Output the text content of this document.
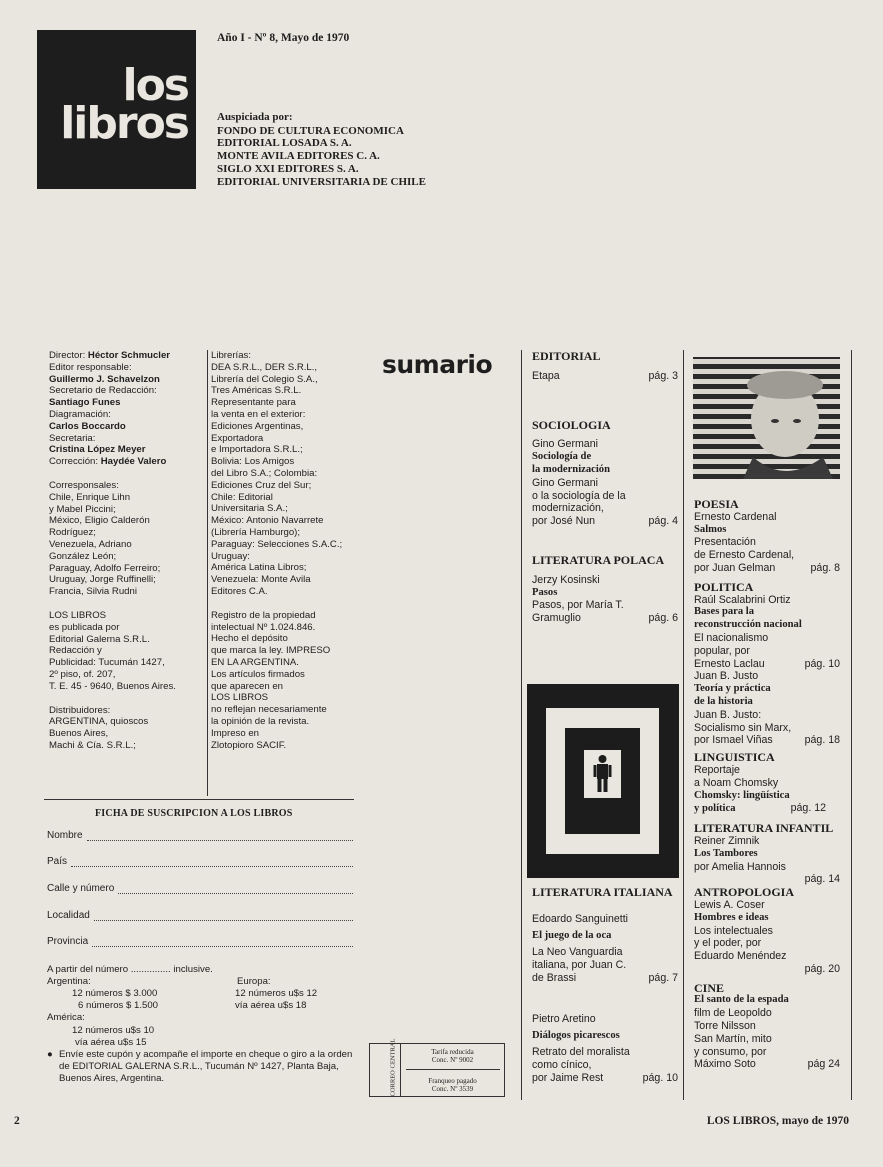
los
libros
Año I - Nº 8, Mayo de 1970
Auspiciada por:
FONDO DE CULTURA ECONOMICA
EDITORIAL LOSADA S. A.
MONTE AVILA EDITORES C. A.
SIGLO XXI EDITORES S. A.
EDITORIAL UNIVERSITARIA DE CHILE
Director: Héctor Schmucler
Editor responsable:
Guillermo J. Schavelzon
Secretario de Redacción:
Santiago Funes
Diagramación:
Carlos Boccardo
Secretaria:
Cristina López Meyer
Corrección: Haydée Valero
Corresponsales:
Chile, Enrique Lihn
y Mabel Piccini;
México, Eligio Calderón
Rodríguez;
Venezuela, Adriano
González León;
Paraguay, Adolfo Ferreiro;
Uruguay, Jorge Ruffinelli;
Francia, Silvia Rudni
LOS LIBROS
es publicada por
Editorial Galerna S.R.L.
Redacción y
Publicidad: Tucumán 1427,
2º piso, of. 207,
T. E. 45 - 9640, Buenos Aires.
Distribuidores:
ARGENTINA, quioscos
Buenos Aires,
Machi & Cía. S.R.L.;
Librerías:
DEA S.R.L., DER S.R.L.,
Librería del Colegio S.A.,
Tres Américas S.R.L.
Representante para
la venta en el exterior:
Ediciones Argentinas,
Exportadora
e Importadora S.R.L.;
Bolivia: Los Amigos
del Libro S.A.; Colombia:
Ediciones Cruz del Sur;
Chile: Editorial
Universitaria S.A.;
México: Antonio Navarrete
(Librería Hamburgo);
Paraguay: Selecciones S.A.C.;
Uruguay:
América Latina Libros;
Venezuela: Monte Avila
Editores C.A.
Registro de la propiedad
intelectual Nº 1.024.846.
Hecho el depósito
que marca la ley. IMPRESO
EN LA ARGENTINA.
Los artículos firmados
que aparecen en
LOS LIBROS
no reflejan necesariamente
la opinión de la revista.
Impreso en
Zlotopioro SACIF.
sumario
FICHA DE SUSCRIPCION A LOS LIBROS
Nombre
País
Calle y número
Localidad
Provincia
A partir del número ............... inclusive.
Argentina:
12 números $ 3.000
6 números $ 1.500
Europa:
12 números u$s 12
vía aérea u$s 18
América:
12 números u$s 10
vía aérea u$s 15
● Envíe este cupón y acompañe el importe en cheque o giro a la orden de EDITORIAL GALERNA S.R.L., Tucumán Nº 1427, Planta Baja, Buenos Aires, Argentina.	CORREO CENTRAL	Tarifa reducida
Conc. Nº 9002
Franqueo pagado
Conc. Nº 3539
EDITORIAL
Etapa	pág. 3
SOCIOLOGIA
Gino Germani
Sociología de
la modernización
Gino Germani
o la sociología de la
modernización,
por José Nun	pág. 4
LITERATURA POLACA
Jerzy Kosinski
Pasos
Pasos, por María T.
Gramuglio	pág. 6
LITERATURA ITALIANA
Edoardo Sanguinetti
El juego de la oca
La Neo Vanguardia
italiana, por Juan C.
de Brassi	pág. 7
Pietro Aretino
Diálogos picarescos
Retrato del moralista
como cínico,
por Jaime Rest	pág. 10
POESIA
Ernesto Cardenal
Salmos
Presentación
de Ernesto Cardenal,
por Juan Gelman	pág. 8
POLITICA
Raúl Scalabrini Ortiz
Bases para la
reconstrucción nacional
El nacionalismo
popular, por
Ernesto Laclau	pág. 10
Juan B. Justo
Teoría y práctica
de la historia
Juan B. Justo:
Socialismo sin Marx,
por Ismael Viñas	pág. 18
LINGUISTICA
Reportaje
a Noam Chomsky
Chomsky: lingüística
y política	pág. 12
LITERATURA INFANTIL
Reiner Zimnik
Los Tambores
por Amelia Hannois
pág. 14
ANTROPOLOGIA
Lewis A. Coser
Hombres e ideas
Los intelectuales
y el poder, por
Eduardo Menéndez
pág. 20
CINE
El santo de la espada
film de Leopoldo
Torre Nilsson
San Martín, mito
y consumo, por
Máximo Soto	pág 24
2	LOS LIBROS, mayo de 1970
